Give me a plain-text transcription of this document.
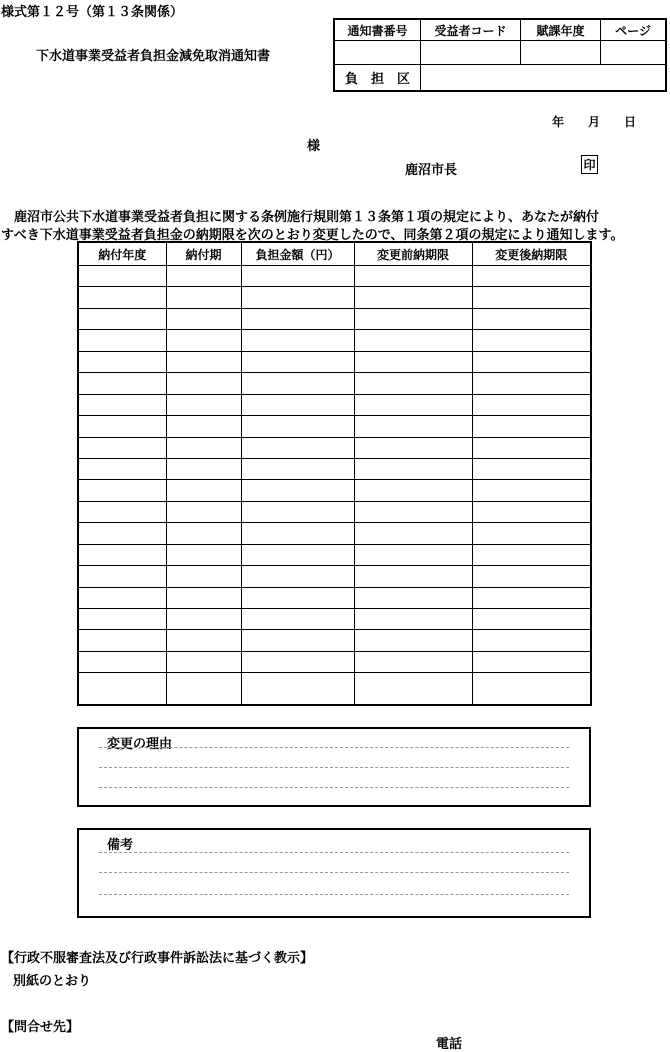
様式第１２号（第１３条関係）
下水道事業受益者負担金減免取消通知書
通知書番号	受益者コード	賦課年度	ページ
負　担　区
年　　月　　日
様
鹿沼市長	印
　鹿沼市公共下水道事業受益者負担に関する条例施行規則第１３条第１項の規定により、あなたが納付
すべき下水道事業受益者負担金の納期限を次のとおり変更したので、同条第２項の規定により通知します。
納付年度	納付期	負担金額（円）	変更前納期限	変更後納期限

変更の理由
備考
【行政不服審査法及び行政事件訴訟法に基づく教示】
別紙のとおり
【問合せ先】
電話
